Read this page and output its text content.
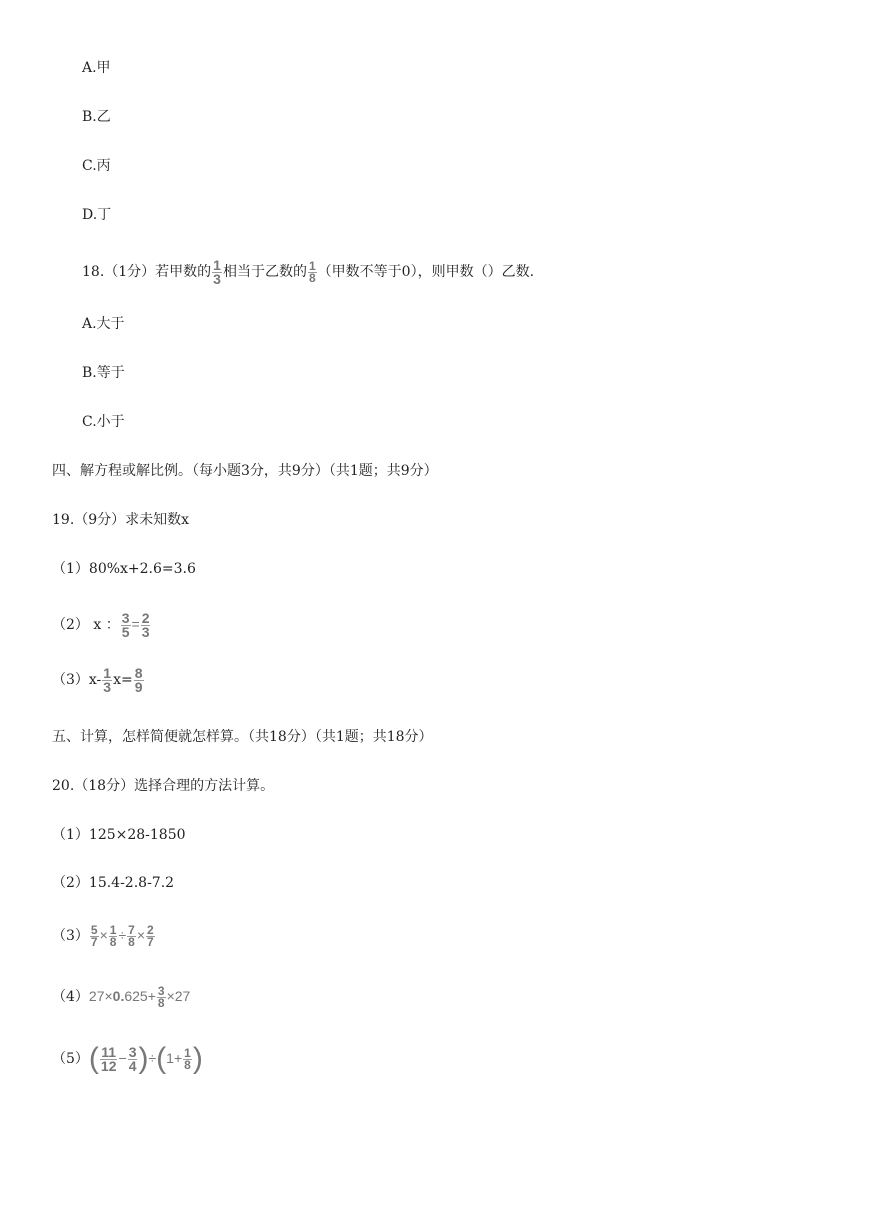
A.甲
B.乙
C.丙
D.丁
18.（1分）若甲数的 $\frac{1}{3}$ 相当于乙数的 $\frac{1}{8}$ （甲数不等于0），则甲数（）乙数.
A.大于
B.等于
C.小于
四、解方程或解比例。（每小题3分，共9分）（共1题；共9分）
19.（9分）求未知数x
（1）80%x+2.6=3.6
（2） x ： $\frac{3}{5} = \frac{2}{3}$
$(3)x- \frac{1}{3} x= \frac{8}{9}$
五、计算，怎样简便就怎样算。（共18分）（共1题；共18分）
20.（18分）选择合理的方法计算。
（1）125×28-1850
（2）15.4-2.8-7.2
$(3) \frac{5}{7} \times \frac{1}{8} \div \frac{7}{8} \times \frac{2}{7}$
$(4)27\times 0.625+ \frac{3}{8} \times 27$
$(5)( \frac{11}{12} - \frac{3}{4} )\div(1+ \frac{1}{8}$ )
